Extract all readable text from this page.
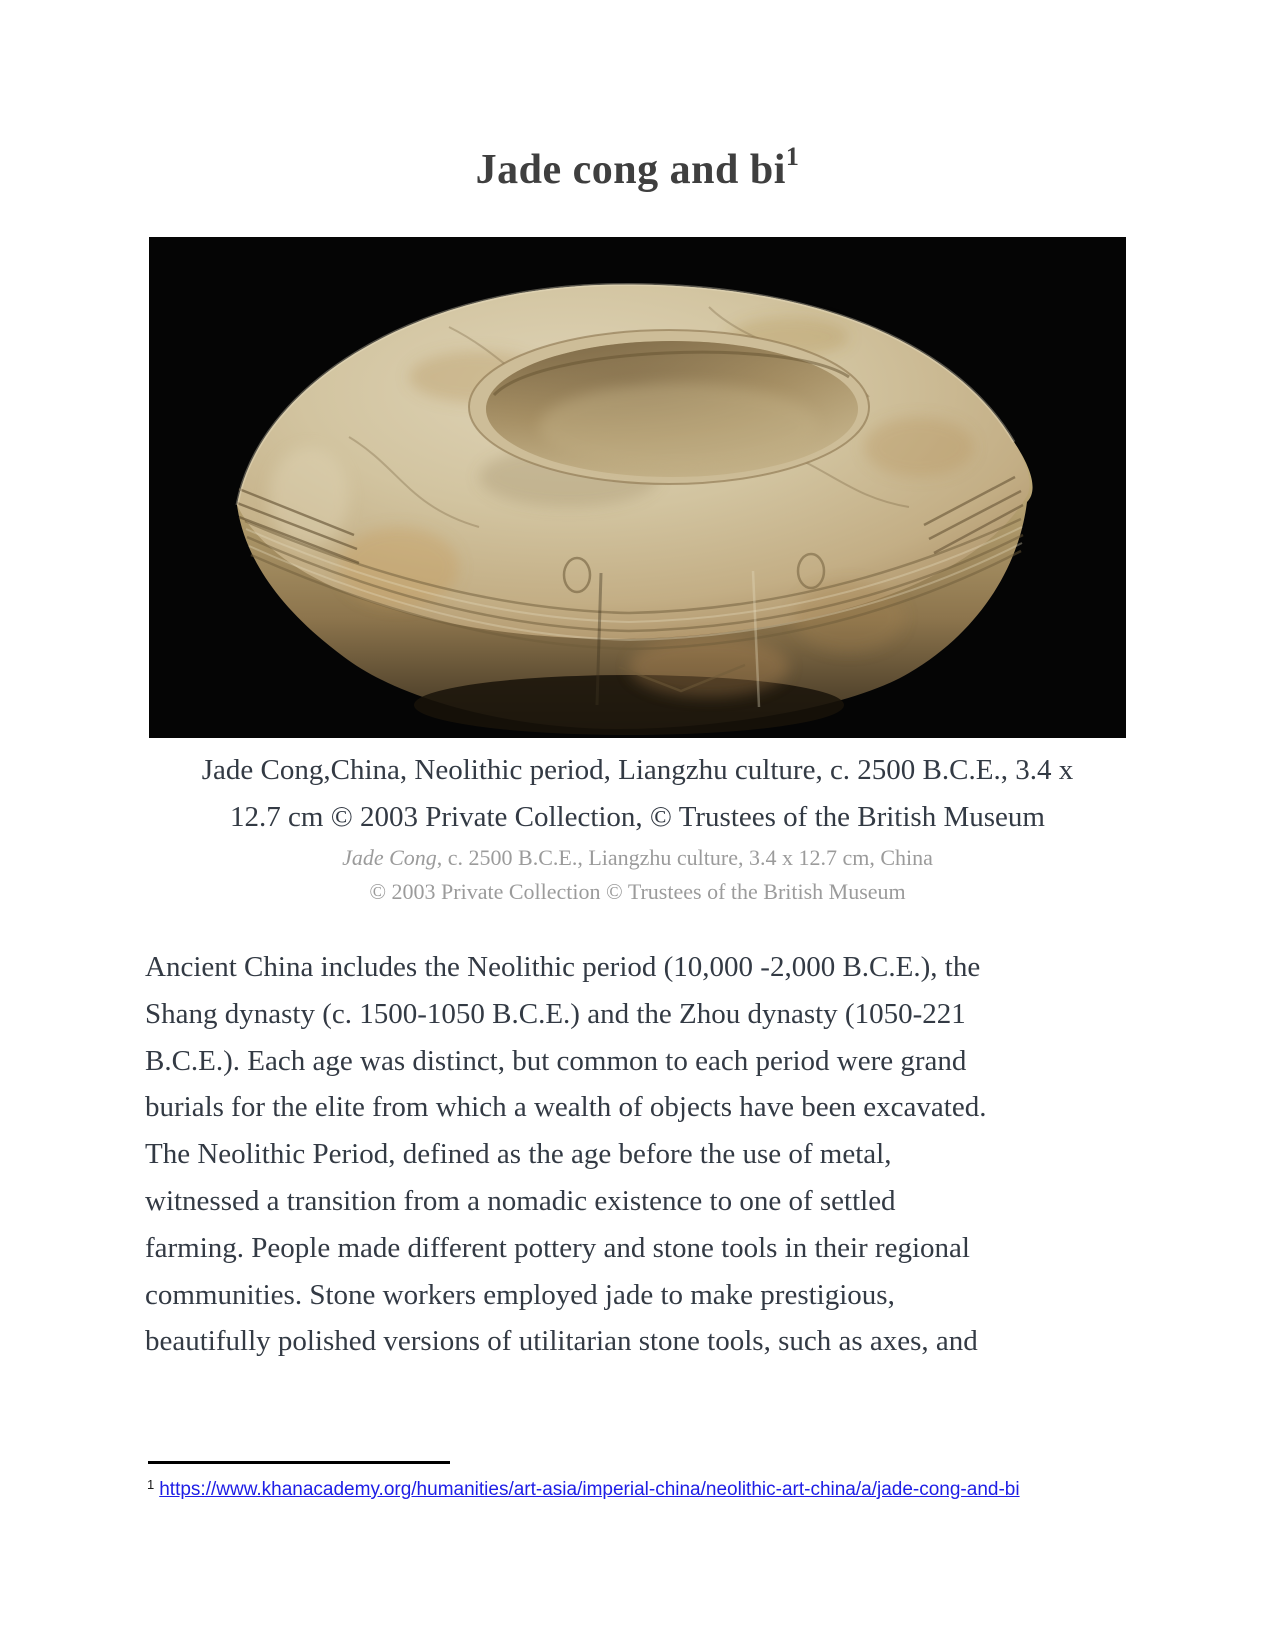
Jade cong and $bi^1$
Jade Cong,China, Neolithic period, Liangzhu culture, c. 2500 B.C.E., 3.4 x
12.7 cm © 2003 Private Collection, © Trustees of the British Museum
Jade Cong, c. 2500 B.C.E., Liangzhu culture, 3.4 x 12.7 cm, China
© 2003 Private Collection © Trustees of the British Museum
Ancient China includes the Neolithic period (10,000 -2,000 B.C.E.), the
Shang dynasty (c. 1500-1050 B.C.E.) and the Zhou dynasty (1050-221
B.C.E.). Each age was distinct, but common to each period were grand
burials for the elite from which a wealth of objects have been excavated.
The Neolithic Period, defined as the age before the use of metal,
witnessed a transition from a nomadic existence to one of settled
farming. People made different pottery and stone tools in their regional
communities. Stone workers employed jade to make prestigious,
beautifully polished versions of utilitarian stone tools, such as axes, and
$^1$ https://www.khanacademy.org/humanities/art-asia/imperial-china/neolithic-art-china/a/jade-cong-and-bi
